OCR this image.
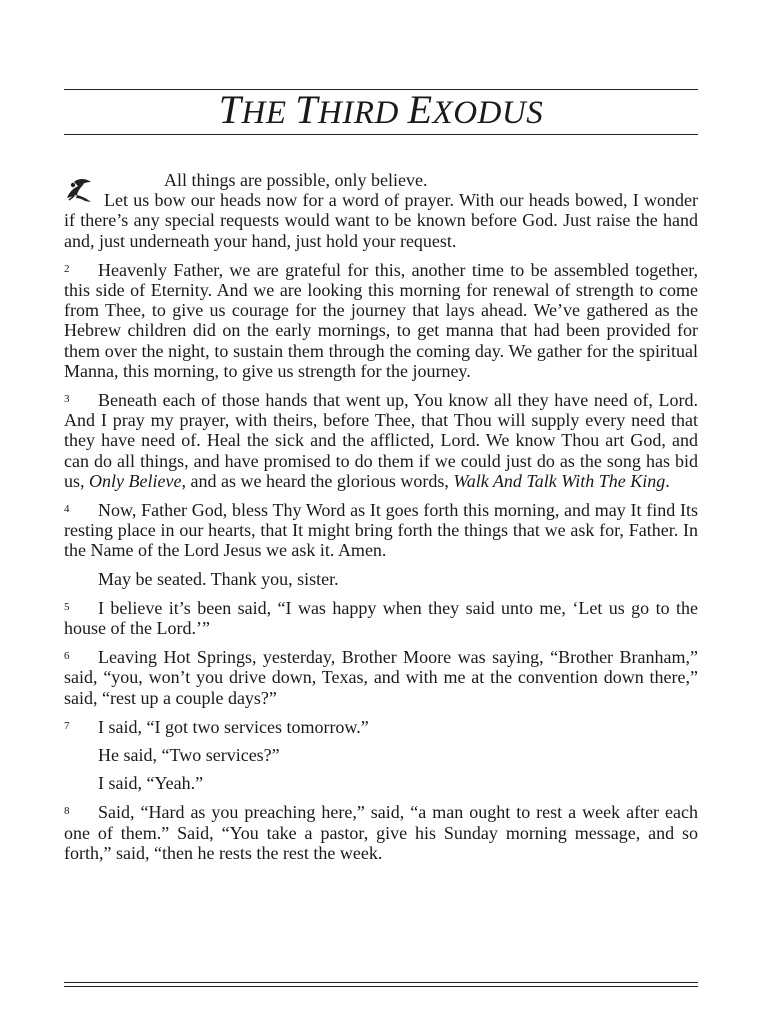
THE THIRD EXODUS

All things are possible, only believe.

Let us bow our heads now for a word of prayer. With our heads bowed, I wonder if there’s any special requests would want to be known before God. Just raise the hand and, just underneath your hand, just hold your request.

2 Heavenly Father, we are grateful for this, another time to be assembled together, this side of Eternity. And we are looking this morning for renewal of strength to come from Thee, to give us courage for the journey that lays ahead. We’ve gathered as the Hebrew children did on the early mornings, to get manna that had been provided for them over the night, to sustain them through the coming day. We gather for the spiritual Manna, this morning, to give us strength for the journey.

3 Beneath each of those hands that went up, You know all they have need of, Lord. And I pray my prayer, with theirs, before Thee, that Thou will supply every need that they have need of. Heal the sick and the afflicted, Lord. We know Thou art God, and can do all things, and have promised to do them if we could just do as the song has bid us, Only Believe, and as we heard the glorious words, Walk And Talk With The King.

4 Now, Father God, bless Thy Word as It goes forth this morning, and may It find Its resting place in our hearts, that It might bring forth the things that we ask for, Father. In the Name of the Lord Jesus we ask it. Amen.

May be seated. Thank you, sister.

5 I believe it’s been said, “I was happy when they said unto me, ‘Let us go to the house of the Lord.’”

6 Leaving Hot Springs, yesterday, Brother Moore was saying, “Brother Branham,” said, “you, won’t you drive down, Texas, and with me at the convention down there,” said, “rest up a couple days?”

7 I said, “I got two services tomorrow.”

He said, “Two services?”

I said, “Yeah.”

8 Said, “Hard as you preaching here,” said, “a man ought to rest a week after each one of them.” Said, “You take a pastor, give his Sunday morning message, and so forth,” said, “then he rests the rest the week.
